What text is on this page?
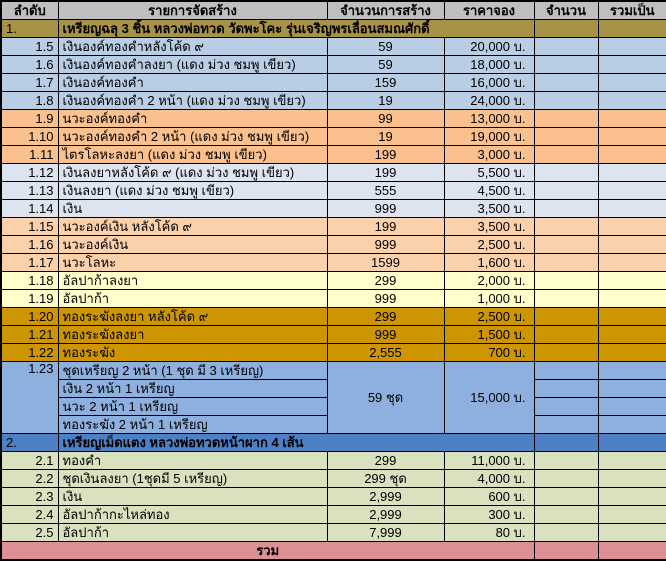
ลำดับ	รายการจัดสร้าง	จำนวนการสร้าง	ราคาจอง	จำนวน	รวมเป็น
1.	เหรียญฉลุ 3 ชิ้น หลวงพ่อทวด วัดพะโคะ รุ่นเจริญพรเลื่อนสมณศักดิ์				
1.5	เงินองค์ทองคำหลังโค้ด ๙	59	20,000 บ.		
1.6	เงินองค์ทองคำลงยา (แดง ม่วง ชมพู เขียว)	59	18,000 บ.		
1.7	เงินองค์ทองคำ	159	16,000 บ.		
1.8	เงินองค์ทองคำ 2 หน้า (แดง ม่วง ชมพู เขียว)	19	24,000 บ.		
1.9	นวะองค์ทองคำ	99	13,000 บ.		
1.10	นวะองค์ทองคำ 2 หน้า (แดง ม่วง ชมพู เขียว)	19	19,000 บ.		
1.11	ไตรโลหะลงยา (แดง ม่วง ชมพู เขียว)	199	3,000 บ.		
1.12	เงินลงยาหลังโค้ด ๙ (แดง ม่วง ชมพู เขียว)	199	5,500 บ.		
1.13	เงินลงยา (แดง ม่วง ชมพู เขียว)	555	4,500 บ.		
1.14	เงิน	999	3,500 บ.		
1.15	นวะองค์เงิน หลังโค้ด ๙	199	3,500 บ.		
1.16	นวะองค์เงิน	999	2,500 บ.		
1.17	นวะโลหะ	1599	1,600 บ.		
1.18	อัลปาก้าลงยา	299	2,000 บ.		
1.19	อัลปาก้า	999	1,000 บ.		
1.20	ทองระฆังลงยา หลังโค้ด ๙	299	2,500 บ.		
1.21	ทองระฆังลงยา	999	1,500 บ.		
1.22	ทองระฆัง	2,555	700 บ.		
1.23	ชุดเหรียญ 2 หน้า (1 ชุด มี 3 เหรียญ)	59 ชุด	15,000 บ.		
	เงิน 2 หน้า 1 เหรียญ				
	นวะ 2 หน้า 1 เหรียญ				
	ทองระฆัง 2 หน้า 1 เหรียญ				
2.	เหรียญเม็ดแตง หลวงพ่อทวดหน้าผาก 4 เส้น				
2.1	ทองคำ	299	11,000 บ.		
2.2	ชุดเงินลงยา (1ชุดมี 5 เหรียญ)	299 ชุด	4,000 บ.		
2.3	เงิน	2,999	600 บ.		
2.4	อัลปาก้ากะไหล่ทอง	2,999	300 บ.		
2.5	อัลปาก้า	7,999	80 บ.		
รวม					
